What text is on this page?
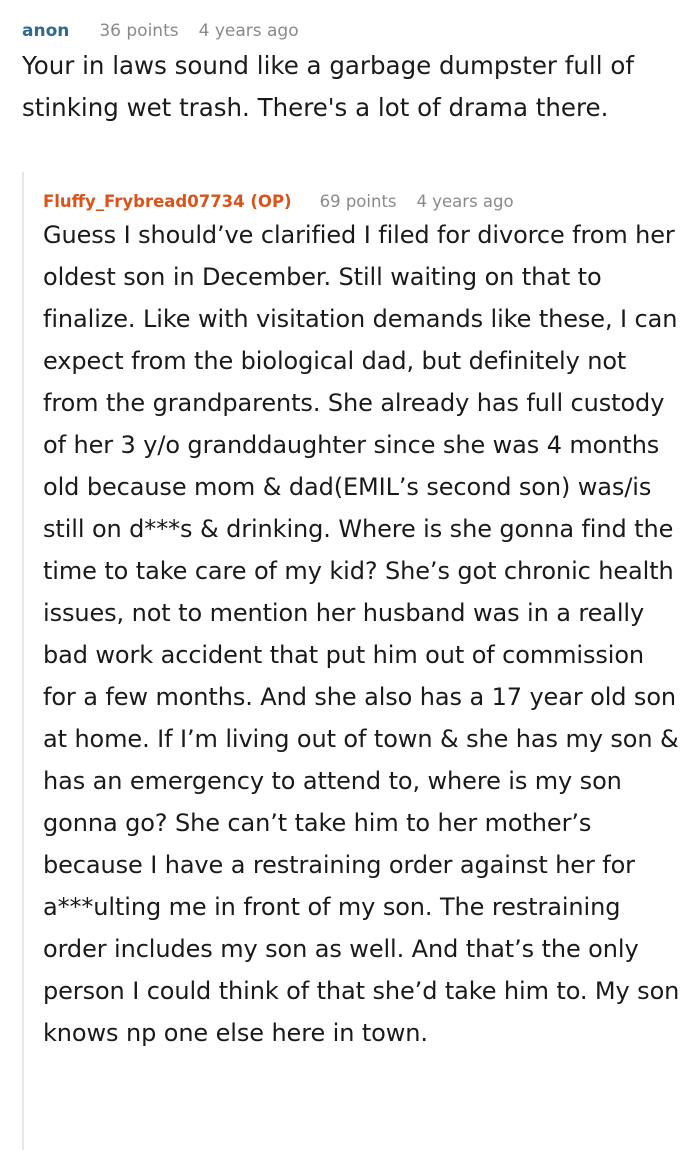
anon 36 points 4 years ago

Your in laws sound like a garbage dumpster full of stinking wet trash. There's a lot of drama there.

Fluffy_Frybread07734 (OP) 69 points 4 years ago

Guess I should’ve clarified I filed for divorce from her oldest son in December. Still waiting on that to finalize. Like with visitation demands like these, I can expect from the biological dad, but definitely not from the grandparents. She already has full custody of her 3 y/o granddaughter since she was 4 months old because mom & dad(EMIL’s second son) was/is still on d***s & drinking. Where is she gonna find the time to take care of my kid? She’s got chronic health issues, not to mention her husband was in a really bad work accident that put him out of commission for a few months. And she also has a 17 year old son at home. If I’m living out of town & she has my son & has an emergency to attend to, where is my son gonna go? She can’t take him to her mother’s because I have a restraining order against her for a***ulting me in front of my son. The restraining order includes my son as well. And that’s the only person I could think of that she’d take him to. My son knows np one else here in town.
